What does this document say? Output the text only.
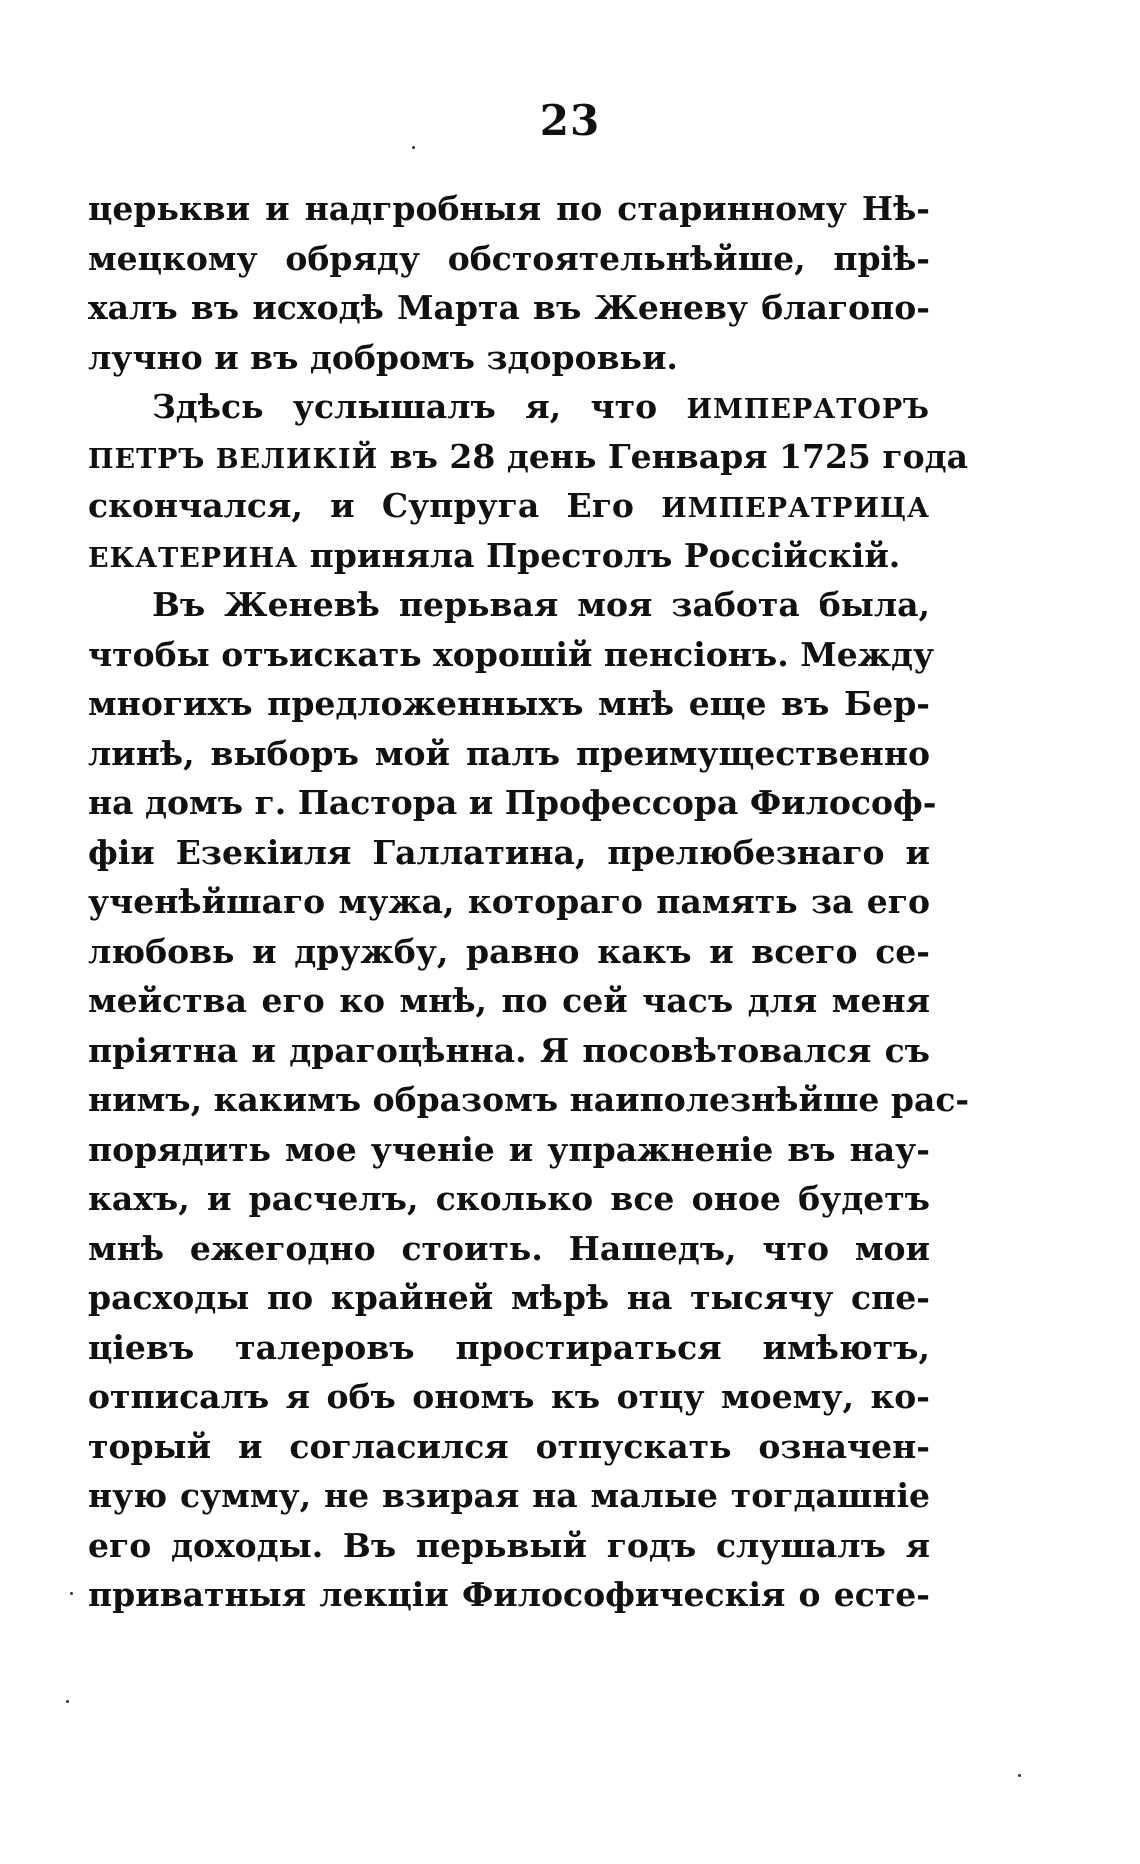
23
церькви и надгробныя по старинному Нѣ-
мецкому обряду обстоятельнѣйше, прiѣ-
халъ въ исходѣ Марта въ Женеву благопо-
лучно и въ добромъ здоровьи.
Здѣсь услышалъ я, что ИМПЕРАТОРЪ
ПЕТРЪ ВЕЛИКIЙ въ 28 день Генваря 1725 года
скончался, и Супруга Его ИМПЕРАТРИЦА
ЕКАТЕРИНА приняла Престолъ Россiйскiй.
Въ Женевѣ перьвая моя забота была,
чтобы отъискать хорошiй пенсiонъ. Между
многихъ предложенныхъ мнѣ еще въ Бер-
линѣ, выборъ мой палъ преимущественно
на домъ г. Пастора и Профессора Философ-
фiи Езекiиля Галлатина, прелюбезнаго и
ученѣйшаго мужа, котораго память за его
любовь и дружбу, равно какъ и всего се-
мейства его ко мнѣ, по сей часъ для меня
прiятна и драгоцѣнна. Я посовѣтовался съ
нимъ, какимъ образомъ наиполезнѣйше рас-
порядить мое ученiе и упражненiе въ нау-
кахъ, и расчелъ, сколько все оное будетъ
мнѣ ежегодно стоить. Нашедъ, что мои
расходы по крайней мѣрѣ на тысячу спе-
цiевъ талеровъ простираться имѣютъ,
отписалъ я объ ономъ къ отцу моему, ко-
торый и согласился отпускать означен-
ную сумму, не взирая на малые тогдашнiе
его доходы. Въ перьвый годъ слушалъ я
приватныя лекцiи Философическiя о есте-
